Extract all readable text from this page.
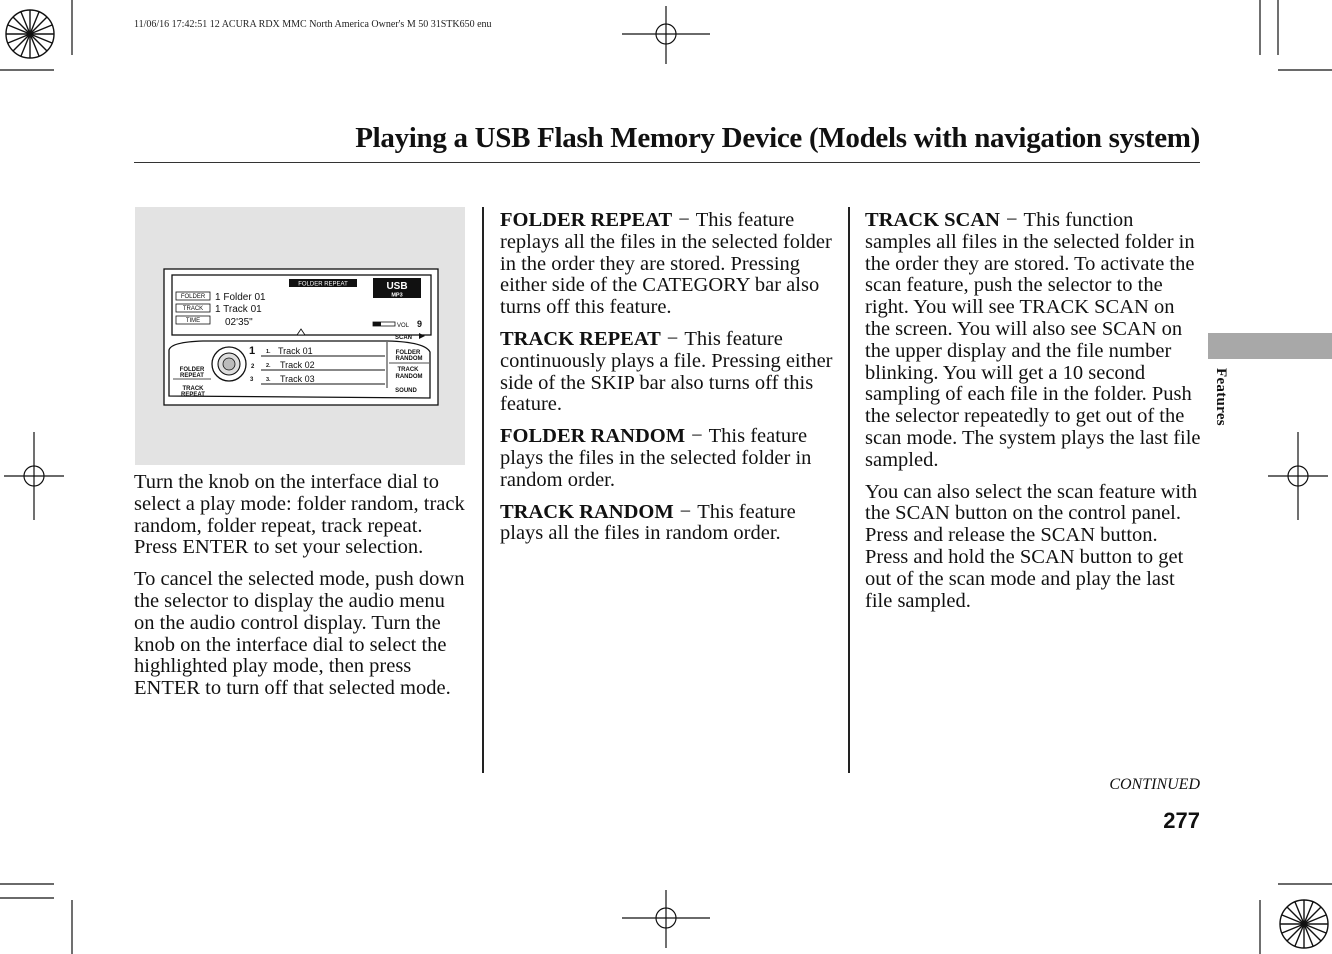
11/06/16 17:42:51 12 ACURA RDX MMC North America Owner's M 50 31STK650 enu
Playing a USB Flash Memory Device (Models with navigation system)
FOLDER REPEAT	USB
MP3
FOLDER
TRACK
TIME
1 Folder 01
1 Track 01
02'35"	VOL 9
SCAN
1
2
3
1. Track 01
2. Track 02
3. Track 03
FOLDER
REPEAT
TRACK
REPEAT
FOLDER
RANDOM
TRACK
RANDOM
SOUND

Turn the knob on the interface dial to select a play mode: folder random, track random, folder repeat, track repeat. Press ENTER to set your selection.

To cancel the selected mode, push down the selector to display the audio menu on the audio control display. Turn the knob on the interface dial to select the highlighted play mode, then press ENTER to turn off that selected mode.

FOLDER REPEAT − This feature replays all the files in the selected folder in the order they are stored. Pressing either side of the CATEGORY bar also turns off this feature.

TRACK REPEAT − This feature continuously plays a file. Pressing either side of the SKIP bar also turns off this feature.

FOLDER RANDOM − This feature plays the files in the selected folder in random order.

TRACK RANDOM − This feature plays all the files in random order.

TRACK SCAN − This function samples all files in the selected folder in the order they are stored. To activate the scan feature, push the selector to the right. You will see TRACK SCAN on the screen. You will also see SCAN on the upper display and the file number blinking. You will get a 10 second sampling of each file in the folder. Push the selector repeatedly to get out of the scan mode. The system plays the last file sampled.

You can also select the scan feature with the SCAN button on the control panel.

Press and release the SCAN button.

Press and hold the SCAN button to get out of the scan mode and play the last file sampled.

Features
CONTINUED
277
